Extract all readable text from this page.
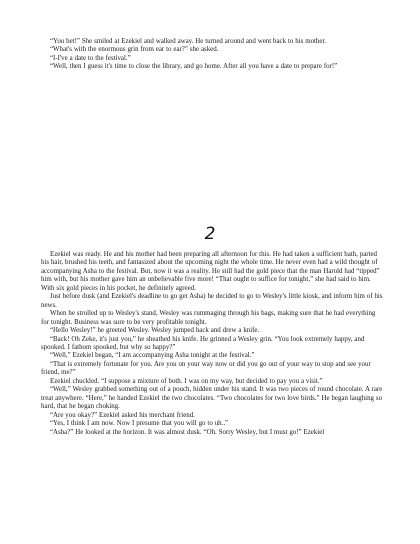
“You bet!” She smiled at Ezekiel and walked away. He turned around and went back to his mother.

“What's with the enormous grin from ear to ear?” she asked.

“I-I've a date to the festival.”

“Well, then I guess it's time to close the library, and go home. After all you have a date to prepare for!”

2

Ezekiel was ready. He and his mother had been preparing all afternoon for this. He had taken a sufficient bath, parted his hair, brushed his teeth, and fantasized about the upcoming night the whole time. He never even had a wild thought of accompanying Asha to the festival. But, now it was a reality. He still had the gold piece that the man Harold had “tipped” him with, but his mother gave him an unbelievable five more! “That ought to suffice for tonight,” she had said to him. With six gold pieces in his pocket, he definitely agreed.

Just before dusk (and Ezekiel's deadline to go get Asha) he decided to go to Wesley's little kiosk, and inform him of his news.

When he strolled up to Wesley's stand, Wesley was rummaging through his bags, making sure that he had everything for tonight. Business was sure to be very profitable tonight.

“Hello Wesley!” he greeted Wesley. Wesley jumped back and drew a knife.

“Back! Oh Zeke, it's just you,” he sheathed his knife. He grinned a Wesley grin. “You look extremely happy, and spooked. I fathom spooked, but why so happy?”

“Well,” Ezekiel began, “I am accompanying Asha tonight at the festival.”

“That is extremely fortunate for you. Are you on your way now or did you go out of your way to stop and see your friend, me?”

Ezekiel chuckled. “I suppose a mixture of both. I was on my way, but decided to pay you a visit.”

“Well,” Wesley grabbed something out of a pouch, hidden under his stand. It was two pieces of round chocolate. A rare treat anywhere. “Here,” he handed Ezekiel the two chocolates. “Two chocolates for two love birds.” He began laughing so hard, that he began choking.

“Are you okay?” Ezekiel asked his merchant friend.

“Yes, I think I am now. Now I presume that you will go to uh..”

“Asha?” He looked at the horizon. It was almost dusk. “Oh. Sorry Wesley, but I must go!” Ezekiel
